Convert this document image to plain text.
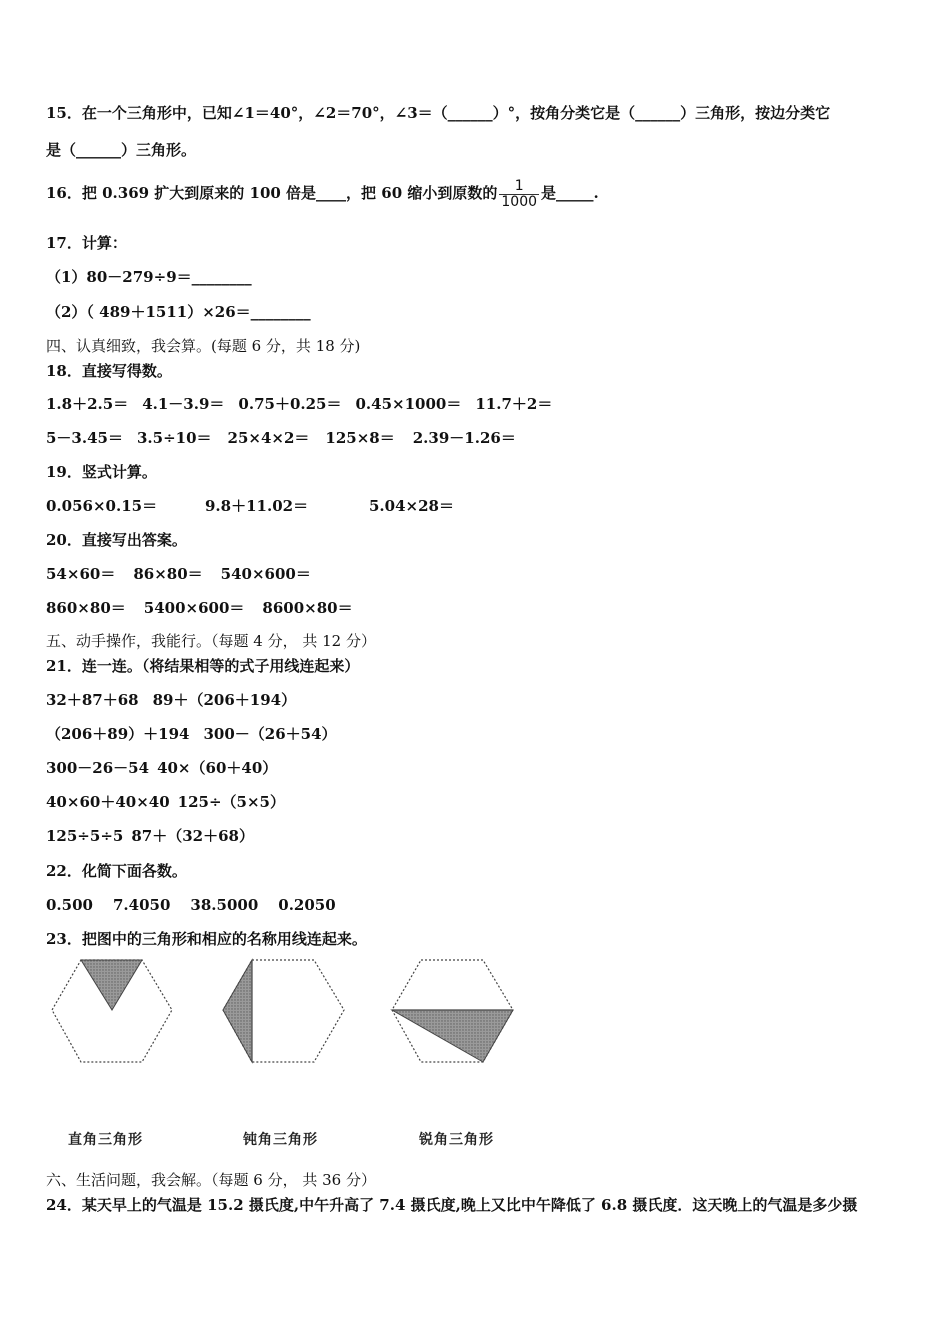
15．在一个三角形中，已知∠1＝40°，∠2＝70°，∠3＝（______）°，按角分类它是（______）三角形，按边分类它
是（______）三角形。
16．把 0.369 扩大到原来的 100 倍是____，把 60 缩小到原数的 $\frac{1}{1000}$ 是_____.
17．计算：
（1）80－279÷9＝________
（2）（ 489＋1511）×26＝________
四、认真细致，我会算。(每题 6 分，共 18 分)
18．直接写得数。
1.8＋2.5＝ 4.1－3.9＝ 0.75＋0.25＝ 0.45×1000＝ 11.7＋2＝
5－3.45＝ 3.5÷10＝ 25×4×2＝ 125×8＝ 2.39－1.26＝
19．竖式计算。
0.056×0.15＝	9.8＋11.02＝	5.04×28＝
20．直接写出答案。
54×60＝ 86×80＝ 540×600＝
860×80＝ 5400×600＝ 8600×80＝
五、动手操作，我能行。（每题 4 分， 共 12 分）
21．连一连。（将结果相等的式子用线连起来）
32＋87＋68 89＋（206＋194）
（206＋89）＋194 300－（26＋54）
300－26－54 40×（60＋40）
40×60＋40×40 125÷（5×5）
125÷5÷5 87＋（32＋68）
22．化简下面各数。
0.500 7.4050 38.5000 0.2050
23．把图中的三角形和相应的名称用线连起来。
直角三角形	钝角三角形	锐角三角形
六、生活问题，我会解。（每题 6 分， 共 36 分）
24．某天早上的气温是 15.2 摄氏度,中午升高了 7.4 摄氏度,晚上又比中午降低了 6.8 摄氏度．这天晚上的气温是多少摄
